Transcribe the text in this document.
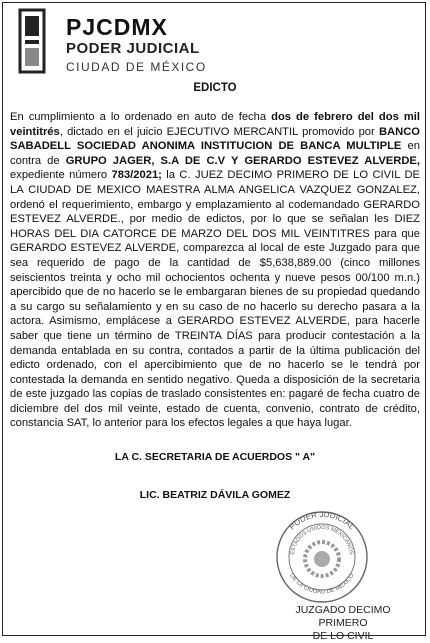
PJCDMX
PODER JUDICIAL
CIUDAD DE MÉXICO
EDICTO
En cumplimiento a lo ordenado en auto de fecha dos de febrero del dos mil veintitrés, dictado en el juicio EJECUTIVO MERCANTIL promovido por BANCO SABADELL SOCIEDAD ANONIMA INSTITUCION DE BANCA MULTIPLE en contra de GRUPO JAGER, S.A DE C.V Y GERARDO ESTEVEZ ALVERDE, expediente número 783/2021; la C. JUEZ DECIMO PRIMERO DE LO CIVIL DE LA CIUDAD DE MEXICO MAESTRA ALMA ANGELICA VAZQUEZ GONZALEZ, ordenó el requerimiento, embargo y emplazamiento al codemandado GERARDO ESTEVEZ ALVERDE., por medio de edictos, por lo que se señalan les DIEZ HORAS DEL DIA CATORCE DE MARZO DEL DOS MIL VEINTITRES para que GERARDO ESTEVEZ ALVERDE, comparezca al local de este Juzgado para que sea requerido de pago de la cantidad de $5,638,889.00 (cinco millones seiscientos treinta y ocho mil ochocientos ochenta y nueve pesos 00/100 m.n.) apercibido que de no hacerlo se le embargaran bienes de su propiedad quedando a su cargo su señalamiento y en su caso de no hacerlo su derecho pasara a la actora. Asimismo, emplácese a GERARDO ESTEVEZ ALVERDE, para hacerle saber que tiene un término de TREINTA DÍAS para producir contestación a la demanda entablada en su contra, contados a partir de la última publicación del edicto ordenado, con el apercibimiento que de no hacerlo se le tendrá por contestada la demanda en sentido negativo. Queda a disposición de la secretaria de este juzgado las copias de traslado consistentes en: pagaré de fecha cuatro de diciembre del dos mil veinte, estado de cuenta, convenio, contrato de crédito, constancia SAT, lo anterior para los efectos legales a que haya lugar.
LA C. SECRETARIA DE ACUERDOS " A"
LIC. BEATRIZ DÁVILA GOMEZ
PODER JUDICIAL
ESTADOS UNIDOS MEXICANOS
DE LA CIUDAD DE MEXICO
JUZGADO DECIMO PRIMERO
DE LO CIVIL
